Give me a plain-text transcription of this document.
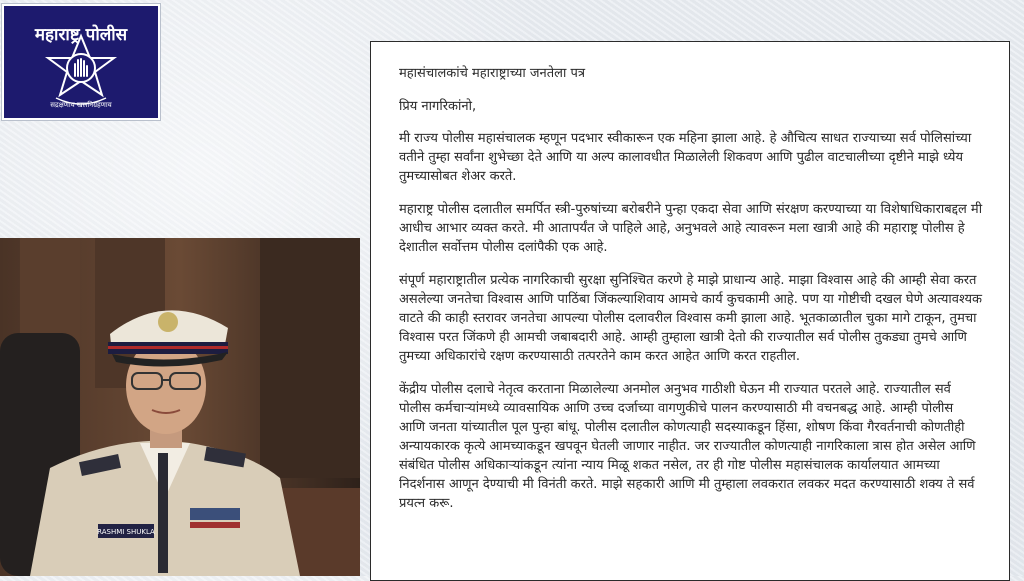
महाराष्ट्र पोलीस
सद्रक्षणाय खलनिग्रहणाय
RASHMI SHUKLA

महासंचालकांचे महाराष्ट्राच्या जनतेला पत्र

प्रिय नागरिकांनो,

मी राज्य पोलीस महासंचालक म्हणून पदभार स्वीकारून एक महिना झाला आहे. हे औचित्य साधत राज्याच्या सर्व पोलिसांच्या वतीने तुम्हा सर्वांना शुभेच्छा देते आणि या अल्प कालावधीत मिळालेली शिकवण आणि पुढील वाटचालीच्या दृष्टीने माझे ध्येय तुमच्यासोबत शेअर करते.

महाराष्ट्र पोलीस दलातील समर्पित स्त्री-पुरुषांच्या बरोबरीने पुन्हा एकदा सेवा आणि संरक्षण करण्याच्या या विशेषाधिकाराबद्दल मी आधीच आभार व्यक्त करते. मी आतापर्यंत जे पाहिले आहे, अनुभवले आहे त्यावरून मला खात्री आहे की महाराष्ट्र पोलीस हे देशातील सर्वोत्तम पोलीस दलांपैकी एक आहे.

संपूर्ण महाराष्ट्रातील प्रत्येक नागरिकाची सुरक्षा सुनिश्चित करणे हे माझे प्राधान्य आहे. माझा विश्वास आहे की आम्ही सेवा करत असलेल्या जनतेचा विश्वास आणि पाठिंबा जिंकल्याशिवाय आमचे कार्य कुचकामी आहे. पण या गोष्टीची दखल घेणे अत्यावश्यक वाटते की काही स्तरावर जनतेचा आपल्या पोलीस दलावरील विश्वास कमी झाला आहे. भूतकाळातील चुका मागे टाकून, तुमचा विश्वास परत जिंकणे ही आमची जबाबदारी आहे. आम्ही तुम्हाला खात्री देतो की राज्यातील सर्व पोलीस तुकड्या तुमचे आणि तुमच्या अधिकारांचे रक्षण करण्यासाठी तत्परतेने काम करत आहेत आणि करत राहतील.

केंद्रीय पोलीस दलाचे नेतृत्व करताना मिळालेल्या अनमोल अनुभव गाठीशी घेऊन मी राज्यात परतले आहे. राज्यातील सर्व पोलीस कर्मचाऱ्यांमध्ये व्यावसायिक आणि उच्च दर्जाच्या वागणुकीचे पालन करण्यासाठी मी वचनबद्ध आहे. आम्ही पोलीस आणि जनता यांच्यातील पूल पुन्हा बांधू. पोलीस दलातील कोणत्याही सदस्याकडून हिंसा, शोषण किंवा गैरवर्तनाची कोणतीही अन्यायकारक कृत्ये आमच्याकडून खपवून घेतली जाणार नाहीत. जर राज्यातील कोणत्याही नागरिकाला त्रास होत असेल आणि संबंधित पोलीस अधिकाऱ्यांकडून त्यांना न्याय मिळू शकत नसेल, तर ही गोष्ट पोलीस महासंचालक कार्यालयात आमच्या निदर्शनास आणून देण्याची मी विनंती करते. माझे सहकारी आणि मी तुम्हाला लवकरात लवकर मदत करण्यासाठी शक्य ते सर्व प्रयत्न करू.
